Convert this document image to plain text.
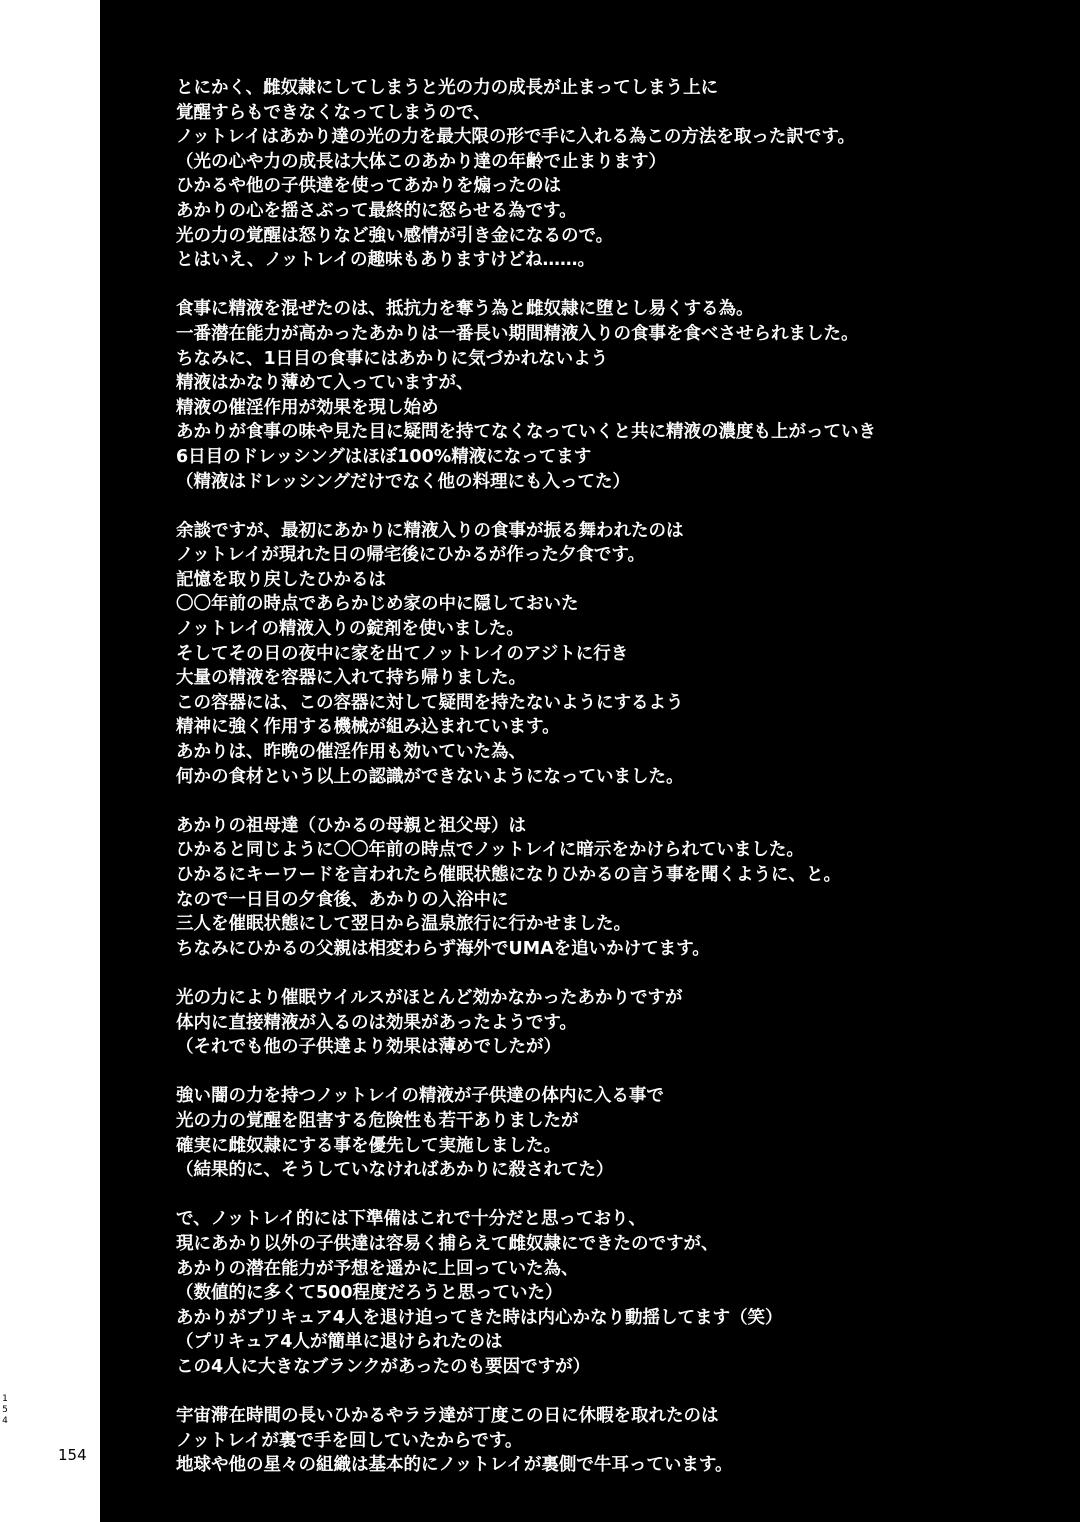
1
5
4
154
とにかく、雌奴隷にしてしまうと光の力の成長が止まってしまう上に
覚醒すらもできなくなってしまうので、
ノットレイはあかり達の光の力を最大限の形で手に入れる為この方法を取った訳です。
（光の心や力の成長は大体このあかり達の年齢で止まります）
ひかるや他の子供達を使ってあかりを煽ったのは
あかりの心を揺さぶって最終的に怒らせる為です。
光の力の覚醒は怒りなど強い感情が引き金になるので。
とはいえ、ノットレイの趣味もありますけどね……。
食事に精液を混ぜたのは、抵抗力を奪う為と雌奴隷に堕とし易くする為。
一番潜在能力が高かったあかりは一番長い期間精液入りの食事を食べさせられました。
ちなみに、1日目の食事にはあかりに気づかれないよう
精液はかなり薄めて入っていますが、
精液の催淫作用が効果を現し始め
あかりが食事の味や見た目に疑問を持てなくなっていくと共に精液の濃度も上がっていき
6日目のドレッシングはほぼ100%精液になってます
（精液はドレッシングだけでなく他の料理にも入ってた）
余談ですが、最初にあかりに精液入りの食事が振る舞われたのは
ノットレイが現れた日の帰宅後にひかるが作った夕食です。
記憶を取り戻したひかるは
〇〇年前の時点であらかじめ家の中に隠しておいた
ノットレイの精液入りの錠剤を使いました。
そしてその日の夜中に家を出てノットレイのアジトに行き
大量の精液を容器に入れて持ち帰りました。
この容器には、この容器に対して疑問を持たないようにするよう
精神に強く作用する機械が組み込まれています。
あかりは、昨晩の催淫作用も効いていた為、
何かの食材という以上の認識ができないようになっていました。
あかりの祖母達（ひかるの母親と祖父母）は
ひかると同じように〇〇年前の時点でノットレイに暗示をかけられていました。
ひかるにキーワードを言われたら催眠状態になりひかるの言う事を聞くように、と。
なので一日目の夕食後、あかりの入浴中に
三人を催眠状態にして翌日から温泉旅行に行かせました。
ちなみにひかるの父親は相変わらず海外でUMAを追いかけてます。
光の力により催眠ウイルスがほとんど効かなかったあかりですが
体内に直接精液が入るのは効果があったようです。
（それでも他の子供達より効果は薄めでしたが）
強い闇の力を持つノットレイの精液が子供達の体内に入る事で
光の力の覚醒を阻害する危険性も若干ありましたが
確実に雌奴隷にする事を優先して実施しました。
（結果的に、そうしていなければあかりに殺されてた）
で、ノットレイ的には下準備はこれで十分だと思っており、
現にあかり以外の子供達は容易く捕らえて雌奴隷にできたのですが、
あかりの潜在能力が予想を遥かに上回っていた為、
（数値的に多くて500程度だろうと思っていた）
あかりがプリキュア4人を退け迫ってきた時は内心かなり動揺してます（笑）
（プリキュア4人が簡単に退けられたのは
この4人に大きなブランクがあったのも要因ですが）
宇宙滞在時間の長いひかるやララ達が丁度この日に休暇を取れたのは
ノットレイが裏で手を回していたからです。
地球や他の星々の組織は基本的にノットレイが裏側で牛耳っています。
